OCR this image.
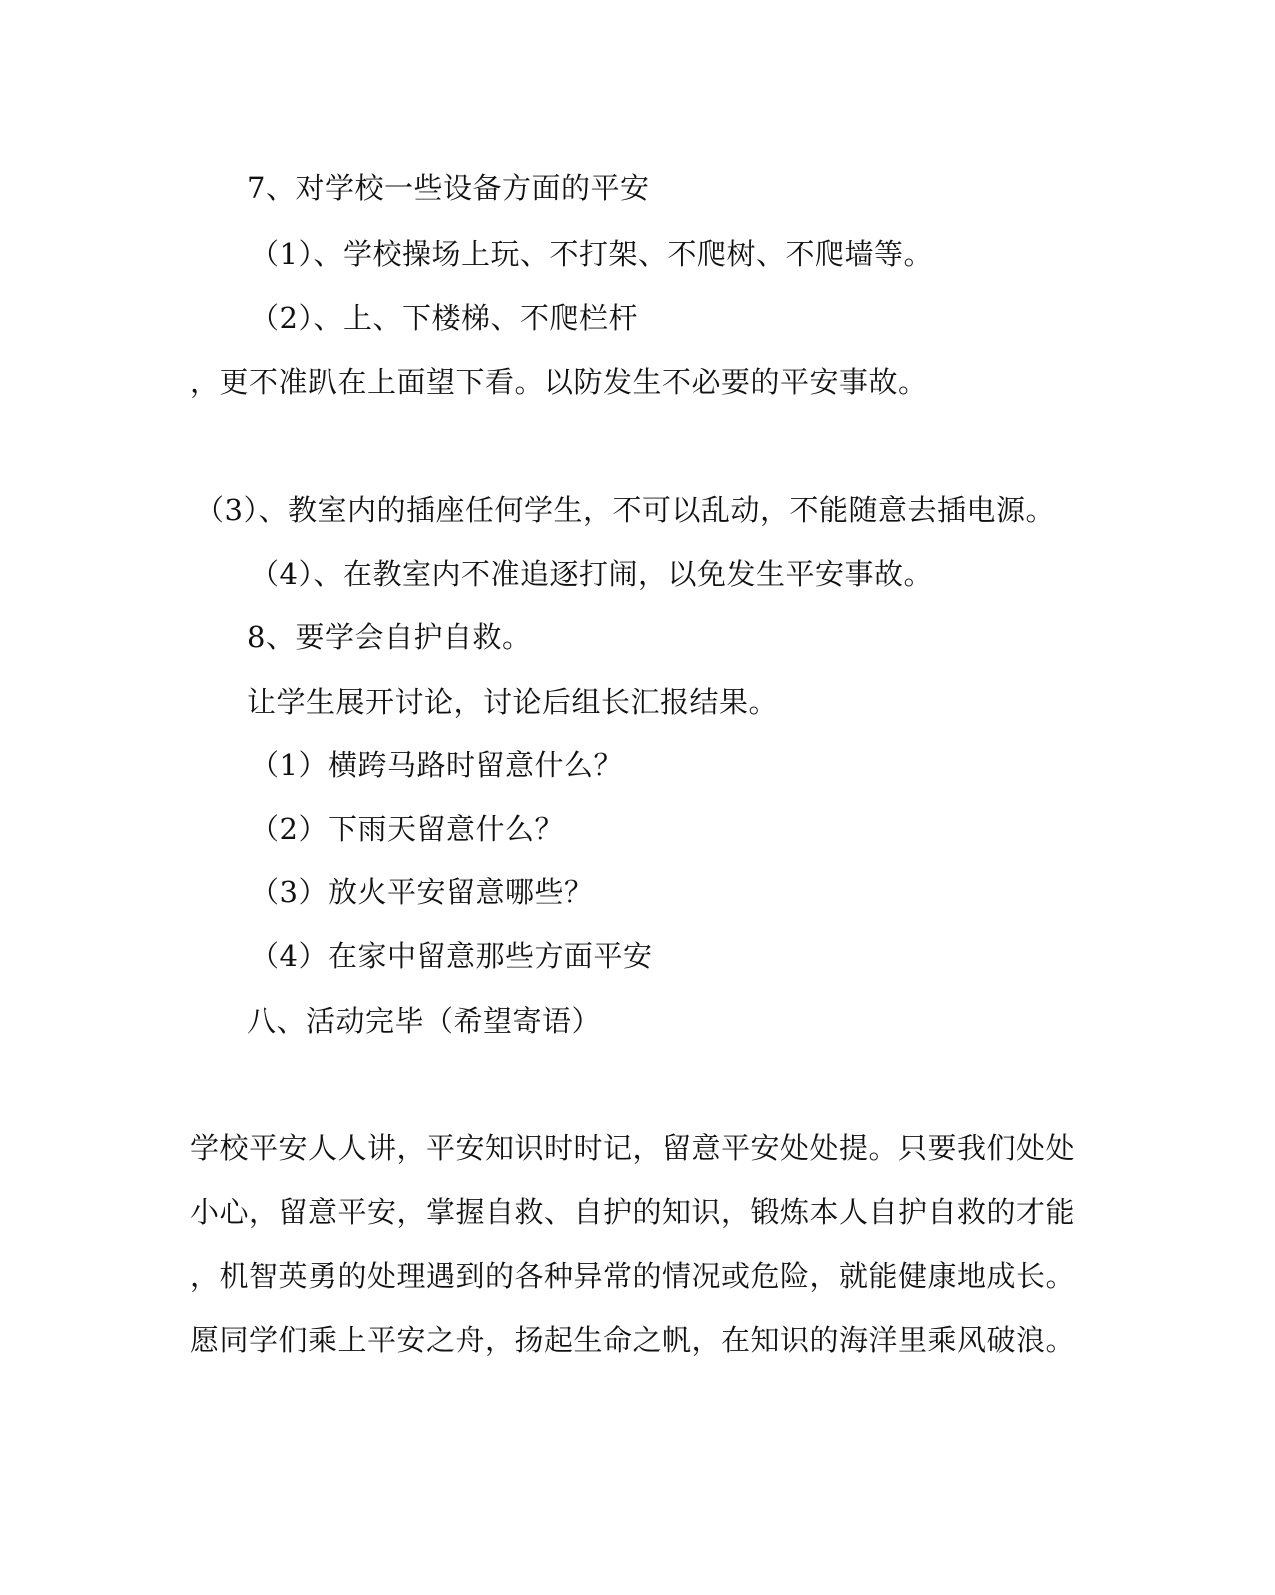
7、对学校一些设备方面的平安
（1）、学校操场上玩、不打架、不爬树、不爬墙等。
（2）、上、下楼梯、不爬栏杆
，更不准趴在上面望下看。以防发生不必要的平安事故。
（3）、教室内的插座任何学生，不可以乱动，不能随意去插电源。
（4）、在教室内不准追逐打闹，以免发生平安事故。
8、要学会自护自救。
让学生展开讨论，讨论后组长汇报结果。
（1）横跨马路时留意什么？
（2）下雨天留意什么？
（3）放火平安留意哪些？
（4）在家中留意那些方面平安
八、活动完毕（希望寄语）
学校平安人人讲，平安知识时时记，留意平安处处提。只要我们处处
小心，留意平安，掌握自救、自护的知识，锻炼本人自护自救的才能
，机智英勇的处理遇到的各种异常的情况或危险，就能健康地成长。
愿同学们乘上平安之舟，扬起生命之帆，在知识的海洋里乘风破浪。
